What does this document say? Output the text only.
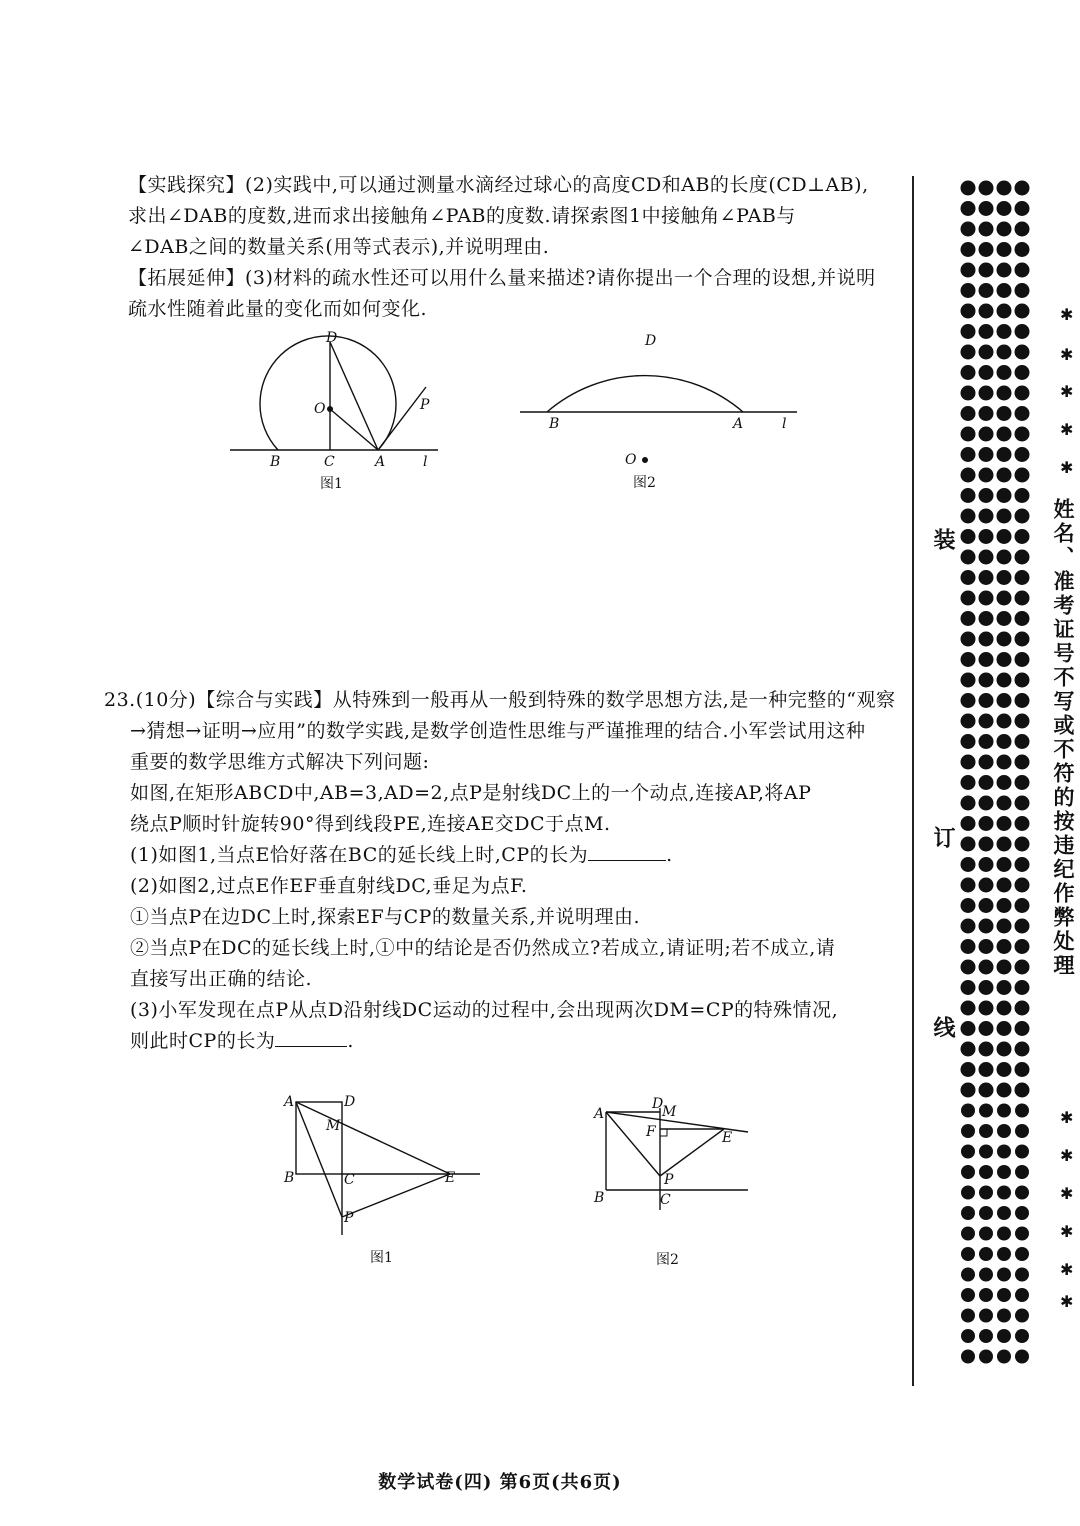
【实践探究】(2)实践中,可以通过测量水滴经过球心的高度CD和AB的长度(CD⊥AB),

求出∠DAB的度数,进而求出接触角∠PAB的度数.请探索图1中接触角∠PAB与

∠DAB之间的数量关系(用等式表示),并说明理由.

【拓展延伸】(3)材料的疏水性还可以用什么量来描述?请你提出一个合理的设想,并说明

疏水性随着此量的变化而如何变化.

D
O	P
B	C	A	l
图1
D
B	A	l
O
图2

23.(10分)【综合与实践】从特殊到一般再从一般到特殊的数学思想方法,是一种完整的“观察

→猜想→证明→应用”的数学实践,是数学创造性思维与严谨推理的结合.小军尝试用这种

重要的数学思维方式解决下列问题:

如图,在矩形ABCD中,AB=3,AD=2,点P是射线DC上的一个动点,连接AP,将AP

绕点P顺时针旋转90°得到线段PE,连接AE交DC于点M.

(1)如图1,当点E恰好落在BC的延长线上时,CP的长为	.

(2)如图2,过点E作EF垂直射线DC,垂足为点F.

①当点P在边DC上时,探索EF与CP的数量关系,并说明理由.

②当点P在DC的延长线上时,①中的结论是否仍然成立?若成立,请证明;若不成立,请

直接写出正确的结论.

(3)小军发现在点P从点D沿射线DC运动的过程中,会出现两次DM=CP的特殊情况,

则此时CP的长为	.

A	D
M
B	C	E
P
图1
A
D
M
F	E
P
B	C
图2
数学试卷(四) 第6页(共6页)
装
订
线
✱
✱
✱
✱
✱
姓名、准考证号不写或不符的按违纪作弊处理
✱
✱
✱
✱
✱
✱
